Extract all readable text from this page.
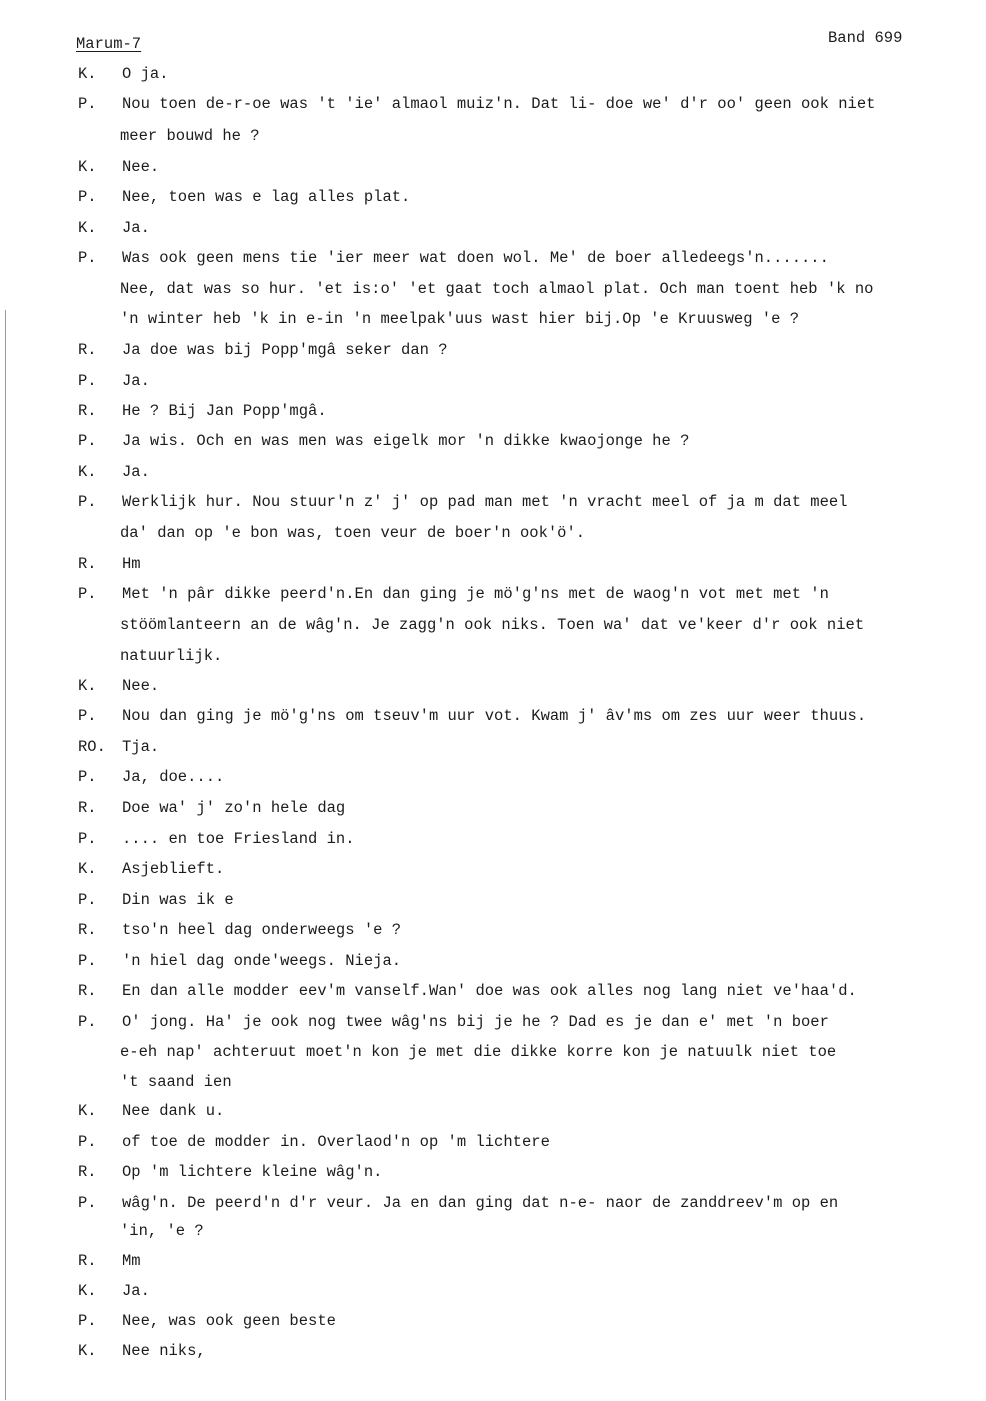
Marum-7	Band 699
K.	O ja.
P.	Nou toen de-r-oe was 't 'ie' almaol muiz'n. Dat li- doe we' d'r oo' geen ook niet
meer bouwd he ?
K.	Nee.
P.	Nee, toen was e lag alles plat.
K.	Ja.
P.	Was ook geen mens tie 'ier meer wat doen wol. Me' de boer alledeegs'n.......
Nee, dat was so hur. 'et is:o' 'et gaat toch almaol plat. Och man toent heb 'k no
'n winter heb 'k in e-in 'n meelpak'uus wast hier bij.Op 'e Kruusweg 'e ?
R.	Ja doe was bij Popp'mgâ seker dan ?
P.	Ja.
R.	He ? Bij Jan Popp'mgâ.
P.	Ja wis. Och en was men was eigelk mor 'n dikke kwaojonge he ?
K.	Ja.
P.	Werklijk hur. Nou stuur'n z' j' op pad man met 'n vracht meel of ja m dat meel
da' dan op 'e bon was, toen veur de boer'n ook'ö'.
R.	Hm
P.	Met 'n pâr dikke peerd'n.En dan ging je mö'g'ns met de waog'n vot met met 'n
stöömlanteern an de wâg'n. Je zagg'n ook niks. Toen wa' dat ve'keer d'r ook niet
natuurlijk.
K.	Nee.
P.	Nou dan ging je mö'g'ns om tseuv'm uur vot. Kwam j' âv'ms om zes uur weer thuus.
RO.	Tja.
P.	Ja, doe....
R.	Doe wa' j' zo'n hele dag
P.	.... en toe Friesland in.
K.	Asjeblieft.
P.	Din was ik e
R.	tso'n heel dag onderweegs 'e ?
P.	'n hiel dag onde'weegs. Nieja.
R.	En dan alle modder eev'm vanself.Wan' doe was ook alles nog lang niet ve'haa'd.
P.	O' jong. Ha' je ook nog twee wâg'ns bij je he ? Dad es je dan e' met 'n boer
e-eh nap' achteruut moet'n kon je met die dikke korre kon je natuulk niet toe
't saand ien
K.	Nee dank u.
P.	of toe de modder in. Overlaod'n op 'm lichtere
R.	Op 'm lichtere kleine wâg'n.
P.	wâg'n. De peerd'n d'r veur. Ja en dan ging dat n-e- naor de zanddreev'm op en
'in, 'e ?
R.	Mm
K.	Ja.
P.	Nee, was ook geen beste
K.	Nee niks,
